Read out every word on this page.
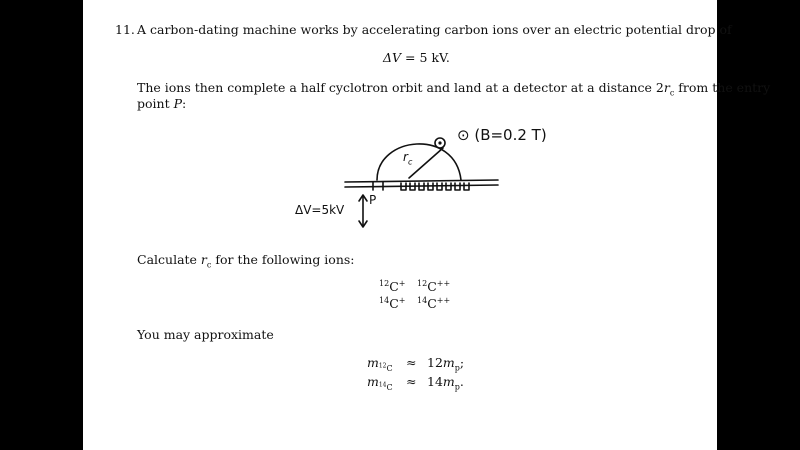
11. A carbon-dating machine works by accelerating carbon ions over an electric potential drop of
ΔV = 5 kV.
The ions then complete a half cyclotron orbit and land at a detector at a distance $2r_c$ from the entry
point P:
⊙ (B=0.2 T)
$r_c$
P
ΔV=5kV
Calculate $r_c$ for the following ions:
$^{12}$C+ $^{12}$C++
$^{14}$C+ $^{14}$C++
You may approximate
$m_{^{12}C} \approx 12m_p$;
$m_{^{14}C} \approx 14m_p$.
